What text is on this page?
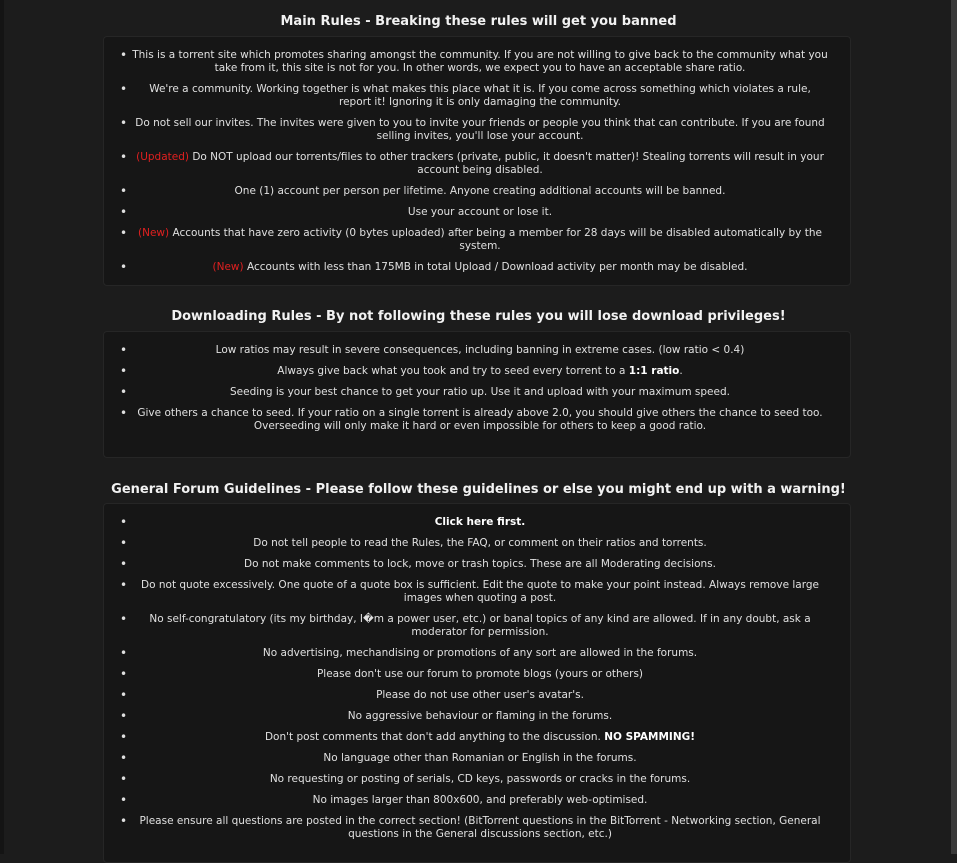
Main Rules - Breaking these rules will get you banned
• This is a torrent site which promotes sharing amongst the community. If you are not willing to give back to the community what you take from it, this site is not for you. In other words, we expect you to have an acceptable share ratio.
• We're a community. Working together is what makes this place what it is. If you come across something which violates a rule, report it! Ignoring it is only damaging the community.
• Do not sell our invites. The invites were given to you to invite your friends or people you think that can contribute. If you are found selling invites, you'll lose your account.
• (Updated) Do NOT upload our torrents/files to other trackers (private, public, it doesn't matter)! Stealing torrents will result in your account being disabled.
•	One (1) account per person per lifetime. Anyone creating additional accounts will be banned.
•	Use your account or lose it.
• (New) Accounts that have zero activity (0 bytes uploaded) after being a member for 28 days will be disabled automatically by the system.
•	(New) Accounts with less than 175MB in total Upload / Download activity per month may be disabled.
Downloading Rules - By not following these rules you will lose download privileges!
•	Low ratios may result in severe consequences, including banning in extreme cases. (low ratio < 0.4)
•	Always give back what you took and try to seed every torrent to a 1:1 ratio.
•	Seeding is your best chance to get your ratio up. Use it and upload with your maximum speed.
• Give others a chance to seed. If your ratio on a single torrent is already above 2.0, you should give others the chance to seed too. Overseeding will only make it hard or even impossible for others to keep a good ratio.
General Forum Guidelines - Please follow these guidelines or else you might end up with a warning!
•	Click here first.
•	Do not tell people to read the Rules, the FAQ, or comment on their ratios and torrents.
•	Do not make comments to lock, move or trash topics. These are all Moderating decisions.
• Do not quote excessively. One quote of a quote box is sufficient. Edit the quote to make your point instead. Always remove large images when quoting a post.
• No self-congratulatory (its my birthday, I�m a power user, etc.) or banal topics of any kind are allowed. If in any doubt, ask a moderator for permission.
•	No advertising, mechandising or promotions of any sort are allowed in the forums.
•	Please don't use our forum to promote blogs (yours or others)
•	Please do not use other user's avatar's.
•	No aggressive behaviour or flaming in the forums.
•	Don't post comments that don't add anything to the discussion. NO SPAMMING!
•	No language other than Romanian or English in the forums.
•	No requesting or posting of serials, CD keys, passwords or cracks in the forums.
•	No images larger than 800x600, and preferably web-optimised.
• Please ensure all questions are posted in the correct section! (BitTorrent questions in the BitTorrent - Networking section, General questions in the General discussions section, etc.)
